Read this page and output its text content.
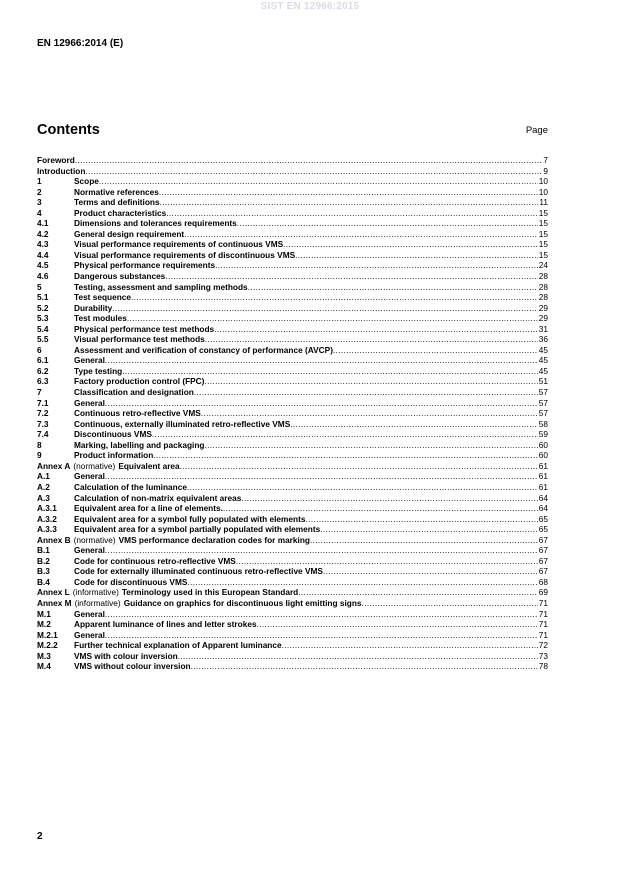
SIST EN 12966:2015
EN 12966:2014 (E)
Contents	Page
Foreword .....	7
Introduction .....	9
1	Scope .....	10
2	Normative references .....	10
3	Terms and definitions .....	11
4	Product characteristics .....	15
4.1	Dimensions and tolerances requirements .....	15
4.2	General design requirement .....	15
4.3	Visual performance requirements of continuous VMS .....	15
4.4	Visual performance requirements of discontinuous VMS .....	15
4.5	Physical performance requirements .....	24
4.6	Dangerous substances .....	28
5	Testing, assessment and sampling methods .....	28
5.1	Test sequence .....	28
5.2	Durability .....	29
5.3	Test modules .....	29
5.4	Physical performance test methods .....	31
5.5	Visual performance test methods .....	36
6	Assessment and verification of constancy of performance (AVCP) .....	45
6.1	General .....	45
6.2	Type testing .....	45
6.3	Factory production control (FPC) .....	51
7	Classification and designation .....	57
7.1	General .....	57
7.2	Continuous retro-reflective VMS .....	57
7.3	Continuous, externally illuminated retro-reflective VMS .....	58
7.4	Discontinuous VMS .....	59
8	Marking, labelling and packaging .....	60
9	Product information .....	60
Annex A (normative) Equivalent area .....	61
A.1	General .....	61
A.2	Calculation of the luminance .....	61
A.3	Calculation of non-matrix equivalent areas .....	64
A.3.1	Equivalent area for a line of elements. .....	64
A.3.2	Equivalent area for a symbol fully populated with elements .....	65
A.3.3	Equivalent area for a symbol partially populated with elements .....	65
Annex B (normative) VMS performance declaration codes for marking .....	67
B.1	General .....	67
B.2	Code for continuous retro-reflective VMS .....	67
B.3	Code for externally illuminated continuous retro-reflective VMS .....	67
B.4	Code for discontinuous VMS .....	68
Annex L (informative) Terminology used in this European Standard .....	69
Annex M (informative) Guidance on graphics for discontinuous light emitting signs .....	71
M.1	General .....	71
M.2	Apparent luminance of lines and letter strokes .....	71
M.2.1	General .....	71
M.2.2	Further technical explanation of Apparent luminance .....	72
M.3	VMS with colour inversion .....	73
M.4	VMS without colour inversion .....	78
2
